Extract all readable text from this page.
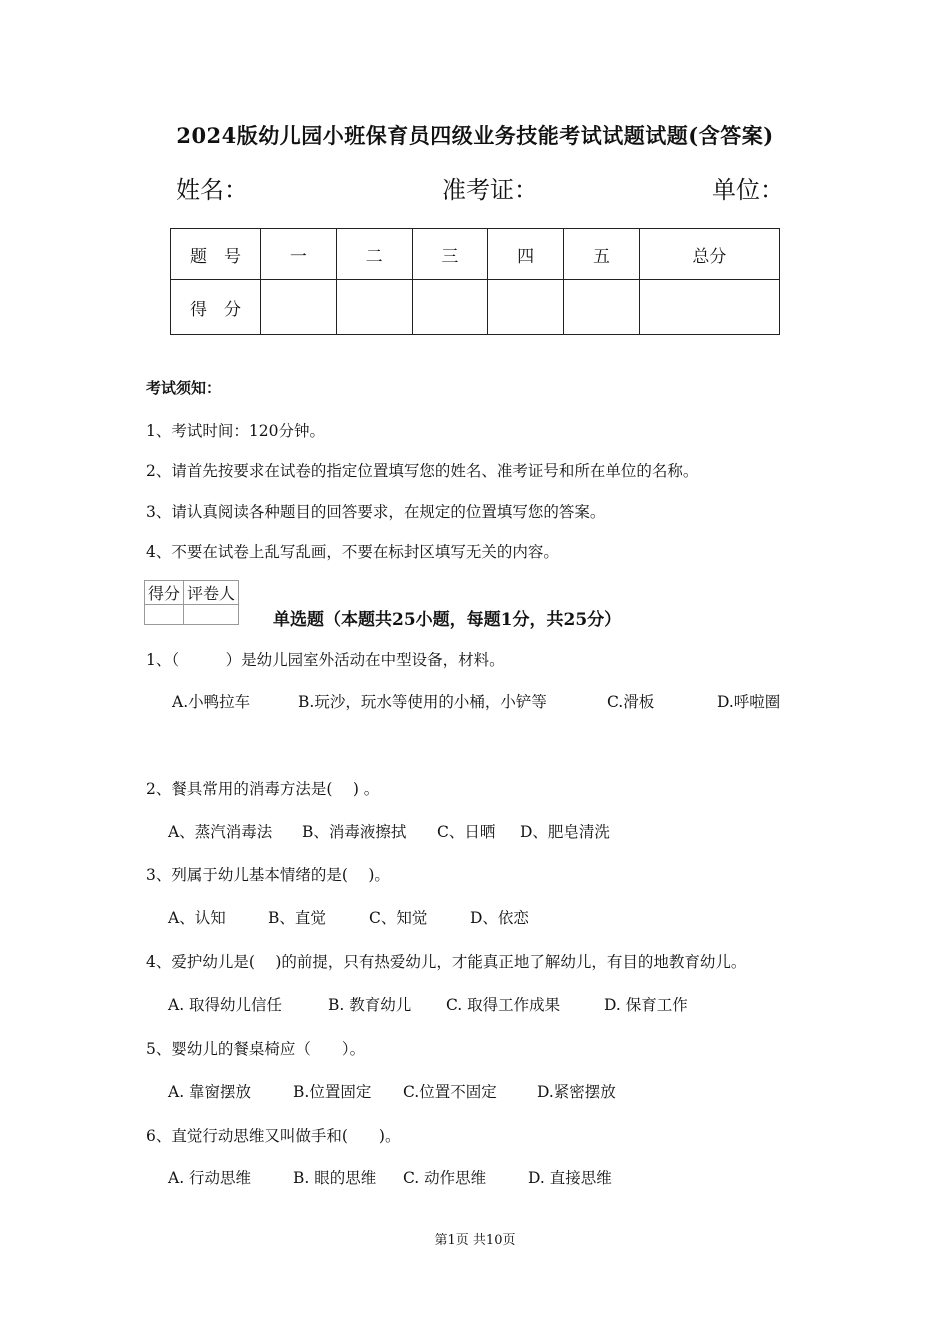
2024版幼儿园小班保育员四级业务技能考试试题试题(含答案)
姓名：	准考证：	单位：
题　号	一	二	三	四	五	总分
得　分						
考试须知：
1、考试时间：120分钟。
2、请首先按要求在试卷的指定位置填写您的姓名、准考证号和所在单位的名称。
3、请认真阅读各种题目的回答要求，在规定的位置填写您的答案。
4、不要在试卷上乱写乱画，不要在标封区填写无关的内容。
得分	评卷人

单选题（本题共25小题，每题1分，共25分）
1、（　　　）是幼儿园室外活动在中型设备，材料。
A.小鸭拉车	B.玩沙，玩水等使用的小桶，小铲等	C.滑板	D.呼啦圈
2、餐具常用的消毒方法是(　 ) 。
A、蒸汽消毒法 B、消毒液擦拭 C、日晒 D、肥皂清洗
3、列属于幼儿基本情绪的是(　 )。
A、认知	B、直觉	C、知觉	D、依恋
4、爱护幼儿是(　 )的前提，只有热爱幼儿，才能真正地了解幼儿，有目的地教育幼儿。
A. 取得幼儿信任	B. 教育幼儿 C. 取得工作成果	D. 保育工作
5、婴幼儿的餐桌椅应（　　）。
A. 靠窗摆放	B.位置固定 C.位置不固定	D.紧密摆放
6、直觉行动思维又叫做手和(　　)。
A. 行动思维	B. 眼的思维 C. 动作思维	D. 直接思维
第1页 共10页
